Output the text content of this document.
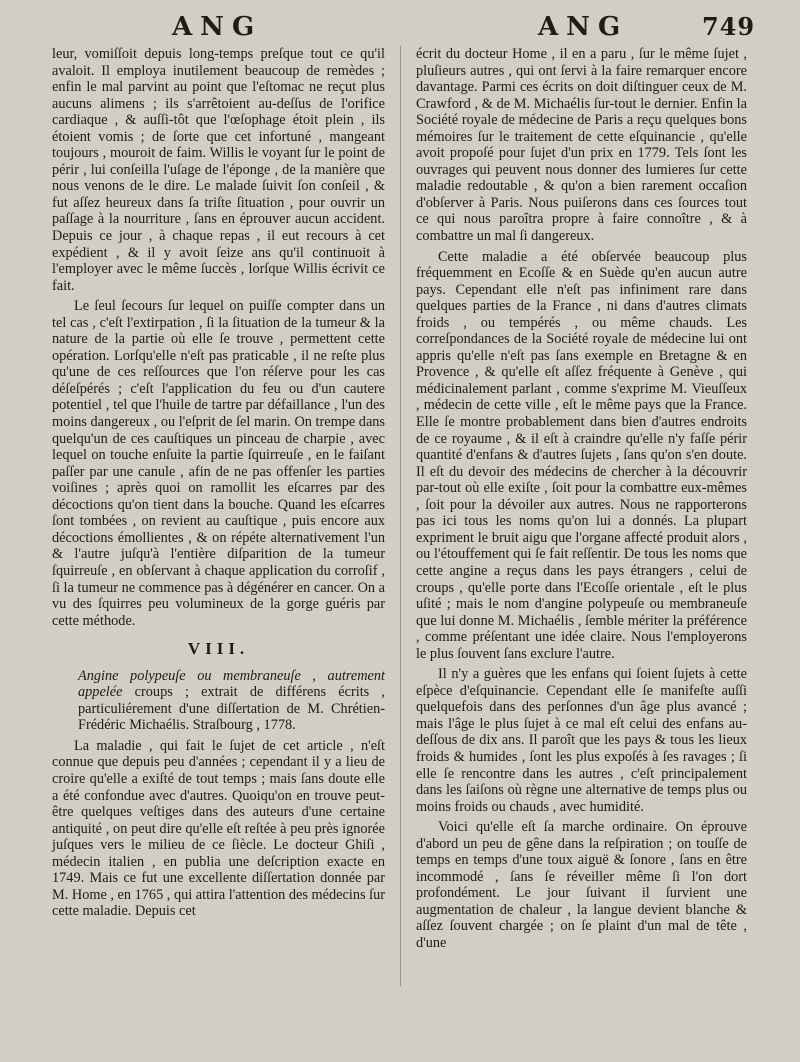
ANG	ANG	749

leur, vomiſſoit depuis long-temps preſque tout ce qu'il avaloit. Il employa inutilement beaucoup de remèdes ; enfin le mal parvint au point que l'eſtomac ne reçut plus aucuns alimens ; ils s'arrêtoient au-deſſus de l'orifice cardiaque , & auſſi-tôt que l'œſophage étoit plein , ils étoient vomis ; de ſorte que cet infortuné , mangeant toujours , mouroit de faim. Willis le voyant ſur le point de périr , lui conſeilla l'uſage de l'éponge , de la manière que nous venons de le dire. Le malade ſuivit ſon conſeil , & fut aſſez heureux dans ſa triſte ſituation , pour ouvrir un paſſage à la nourriture , ſans en éprouver aucun accident. Depuis ce jour , à chaque repas , il eut recours à cet expédient , & il y avoit ſeize ans qu'il continuoit à l'employer avec le même ſuccès , lorſque Willis écrivit ce fait.

Le ſeul ſecours ſur lequel on puiſſe compter dans un tel cas , c'eſt l'extirpation , ſi la ſituation de la tumeur & la nature de la partie où elle ſe trouve , permettent cette opération. Lorſqu'elle n'eſt pas praticable , il ne reſte plus qu'une de ces reſſources que l'on réſerve pour les cas déſeſpérés ; c'eſt l'application du feu ou d'un cautere potentiel , tel que l'huile de tartre par défaillance , l'un des moins dangereux , ou l'eſprit de ſel marin. On trempe dans quelqu'un de ces cauſtiques un pinceau de charpie , avec lequel on touche enſuite la partie ſquirreuſe , en le faiſant paſſer par une canule , afin de ne pas offenſer les parties voiſines ; après quoi on ramollit les eſcarres par des décoctions qu'on tient dans la bouche. Quand les eſcarres ſont tombées , on revient au cauſtique , puis encore aux décoctions émollientes , & on répéte alternativement l'un & l'autre juſqu'à l'entière diſparition de la tumeur ſquirreuſe , en obſervant à chaque application du corroſif , ſi la tumeur ne commence pas à dégénérer en cancer. On a vu des ſquirres peu volumineux de la gorge guéris par cette méthode.

VIII.

Angine polypeuſe ou membraneuſe , autrement appelée croups ; extrait de différens écrits , particuliérement d'une diſſertation de M. Chrétien-Frédéric Michaélis. Straſbourg , 1778.

La maladie , qui fait le ſujet de cet article , n'eſt connue que depuis peu d'années ; cependant il y a lieu de croire qu'elle a exiſté de tout temps ; mais ſans doute elle a été confondue avec d'autres. Quoiqu'on en trouve peut-être quelques veſtiges dans des auteurs d'une certaine antiquité , on peut dire qu'elle eſt reſtée à peu près ignorée juſques vers le milieu de ce ſiècle. Le docteur Ghiſi , médecin italien , en publia une deſcription exacte en 1749. Mais ce fut une excellente diſſertation donnée par M. Home , en 1765 , qui attira l'attention des médecins ſur cette maladie. Depuis cet

écrit du docteur Home , il en a paru , ſur le même ſujet , pluſieurs autres , qui ont ſervi à la faire remarquer encore davantage. Parmi ces écrits on doit diſtinguer ceux de M. Crawford , & de M. Michaélis ſur-tout le dernier. Enfin la Société royale de médecine de Paris a reçu quelques bons mémoires ſur le traitement de cette eſquinancie , qu'elle avoit propoſé pour ſujet d'un prix en 1779. Tels ſont les ouvrages qui peuvent nous donner des lumieres ſur cette maladie redoutable , & qu'on a bien rarement occaſion d'obſerver à Paris. Nous puiſerons dans ces ſources tout ce qui nous paroîtra propre à faire connoître , & à combattre un mal ſi dangereux.

Cette maladie a été obſervée beaucoup plus fréquemment en Ecoſſe & en Suède qu'en aucun autre pays. Cependant elle n'eſt pas infiniment rare dans quelques parties de la France , ni dans d'autres climats froids , ou tempérés , ou même chauds. Les correſpondances de la Société royale de médecine lui ont appris qu'elle n'eſt pas ſans exemple en Bretagne & en Provence , & qu'elle eſt aſſez fréquente à Genève , qui médicinalement parlant , comme s'exprime M. Vieuſſeux , médecin de cette ville , eſt le même pays que la France. Elle ſe montre probablement dans bien d'autres endroits de ce royaume , & il eſt à craindre qu'elle n'y faſſe périr quantité d'enfans & d'autres ſujets , ſans qu'on s'en doute. Il eſt du devoir des médecins de chercher à la découvrir par-tout où elle exiſte , ſoit pour la combattre eux-mêmes , ſoit pour la dévoiler aux autres. Nous ne rapporterons pas ici tous les noms qu'on lui a donnés. La plupart expriment le bruit aigu que l'organe affecté produit alors , ou l'étouffement qui ſe fait reſſentir. De tous les noms que cette angine a reçus dans les pays étrangers , celui de croups , qu'elle porte dans l'Ecoſſe orientale , eſt le plus uſité ; mais le nom d'angine polypeuſe ou membraneuſe que lui donne M. Michaélis , ſemble mériter la préférence , comme préſentant une idée claire. Nous l'employerons le plus ſouvent ſans exclure l'autre.

Il n'y a guères que les enfans qui ſoient ſujets à cette eſpèce d'eſquinancie. Cependant elle ſe manifeſte auſſi quelquefois dans des perſonnes d'un âge plus avancé ; mais l'âge le plus ſujet à ce mal eſt celui des enfans au-deſſous de dix ans. Il paroît que les pays & tous les lieux froids & humides , ſont les plus expoſés à ſes ravages ; ſi elle ſe rencontre dans les autres , c'eſt principalement dans les ſaiſons où règne une alternative de temps plus ou moins froids ou chauds , avec humidité.

Voici qu'elle eſt ſa marche ordinaire. On éprouve d'abord un peu de gêne dans la reſpiration ; on touſſe de temps en temps d'une toux aiguë & ſonore , ſans en être incommodé , ſans ſe réveiller même ſi l'on dort profondément. Le jour ſuivant il ſurvient une augmentation de chaleur , la langue devient blanche & aſſez ſouvent chargée ; on ſe plaint d'un mal de tête , d'une
